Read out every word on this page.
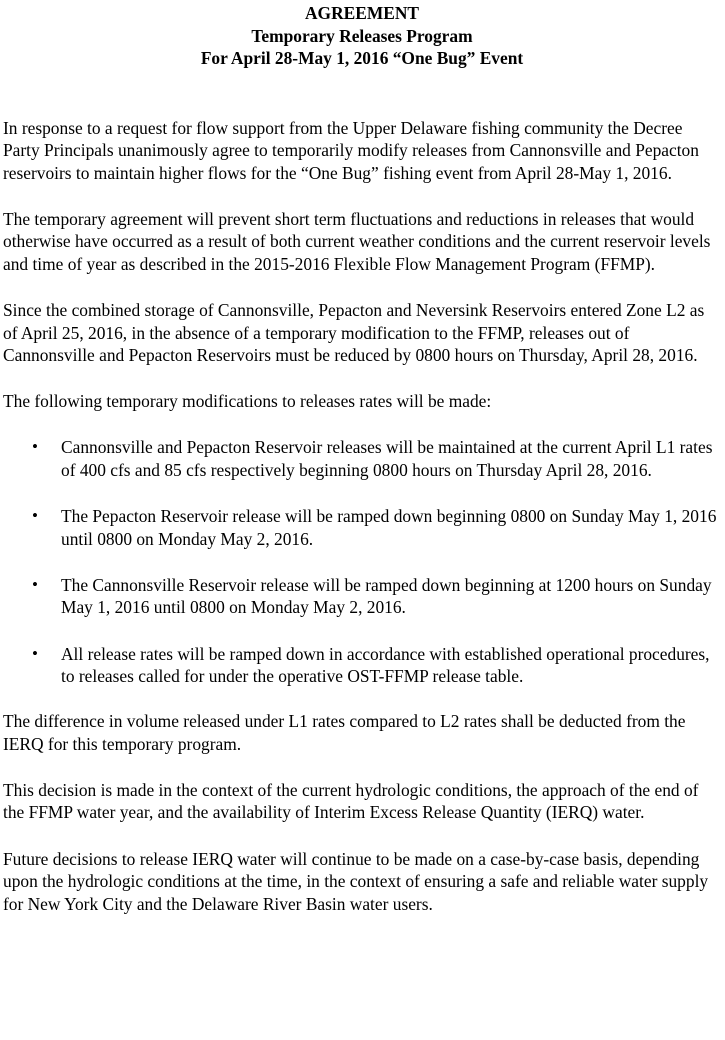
AGREEMENT
Temporary Releases Program
For April 28-May 1, 2016 “One Bug” Event

In response to a request for flow support from the Upper Delaware fishing community the Decree Party Principals unanimously agree to temporarily modify releases from Cannonsville and Pepacton reservoirs to maintain higher flows for the “One Bug” fishing event from April 28-May 1, 2016.

The temporary agreement will prevent short term fluctuations and reductions in releases that would otherwise have occurred as a result of both current weather conditions and the current reservoir levels and time of year as described in the 2015-2016 Flexible Flow Management Program (FFMP).

Since the combined storage of Cannonsville, Pepacton and Neversink Reservoirs entered Zone L2 as of April 25, 2016, in the absence of a temporary modification to the FFMP, releases out of Cannonsville and Pepacton Reservoirs must be reduced by 0800 hours on Thursday, April 28, 2016.

The following temporary modifications to releases rates will be made:

• Cannonsville and Pepacton Reservoir releases will be maintained at the current April L1 rates of 400 cfs and 85 cfs respectively beginning 0800 hours on Thursday April 28, 2016.
• The Pepacton Reservoir release will be ramped down beginning 0800 on Sunday May 1, 2016 until 0800 on Monday May 2, 2016.
• The Cannonsville Reservoir release will be ramped down beginning at 1200 hours on Sunday May 1, 2016 until 0800 on Monday May 2, 2016.
• All release rates will be ramped down in accordance with established operational procedures, to releases called for under the operative OST-FFMP release table.

The difference in volume released under L1 rates compared to L2 rates shall be deducted from the IERQ for this temporary program.

This decision is made in the context of the current hydrologic conditions, the approach of the end of the FFMP water year, and the availability of Interim Excess Release Quantity (IERQ) water.

Future decisions to release IERQ water will continue to be made on a case-by-case basis, depending upon the hydrologic conditions at the time, in the context of ensuring a safe and reliable water supply for New York City and the Delaware River Basin water users.
